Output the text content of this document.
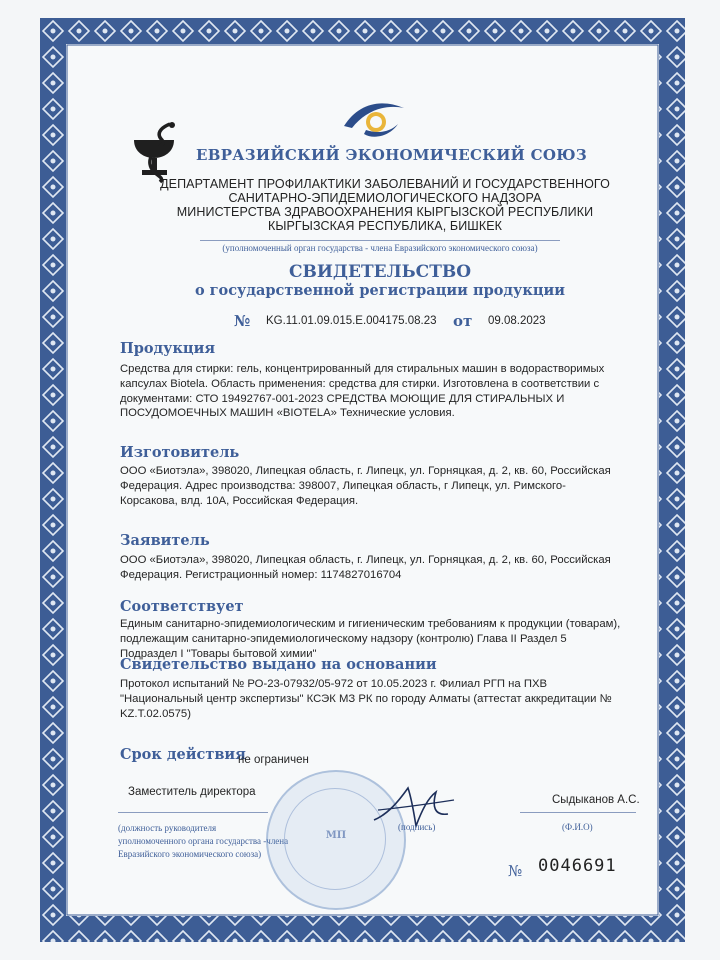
ЕВРАЗИЙСКИЙ ЭКОНОМИЧЕСКИЙ СОЮЗ
ДЕПАРТАМЕНТ ПРОФИЛАКТИКИ ЗАБОЛЕВАНИЙ И ГОСУДАРСТВЕННОГО
САНИТАРНО-ЭПИДЕМИОЛОГИЧЕСКОГО НАДЗОРА
МИНИСТЕРСТВА ЗДРАВООХРАНЕНИЯ КЫРГЫЗСКОЙ РЕСПУБЛИКИ
КЫРГЫЗСКАЯ РЕСПУБЛИКА, БИШКЕК
(уполномоченный орган государства - члена Евразийского экономического союза)
СВИДЕТЕЛЬСТВО
о государственной регистрации продукции
№ KG.11.01.09.015.Е.004175.08.23 от 09.08.2023
Продукция
Средства для стирки: гель, концентрированный для стиральных машин в водорастворимых
капсулах Biotela. Область применения: средства для стирки. Изготовлена в соответствии с
документами: СТО 19492767-001-2023 СРЕДСТВА МОЮЩИЕ ДЛЯ СТИРАЛЬНЫХ И
ПОСУДОМОЕЧНЫХ МАШИН «BIOTELA» Технические условия.
Изготовитель
ООО «Биотэла», 398020, Липецкая область, г. Липецк, ул. Горняцкая, д. 2, кв. 60, Российская
Федерация. Адрес производства: 398007, Липецкая область, г Липецк, ул. Римского-
Корсакова, влд. 10А, Российская Федерация.
Заявитель
ООО «Биотэла», 398020, Липецкая область, г. Липецк, ул. Горняцкая, д. 2, кв. 60, Российская
Федерация. Регистрационный номер: 1174827016704
Соответствует
Единым санитарно-эпидемиологическим и гигиеническим требованиям к продукции (товарам),
подлежащим санитарно-эпидемиологическому надзору (контролю) Глава II Раздел 5
Подраздел I "Товары бытовой химии"
Свидетельство выдано на основании
Протокол испытаний № РО-23-07932/05-972 от 10.05.2023 г. Филиал РГП на ПХВ
"Национальный центр экспертизы" КСЭК МЗ РК по городу Алматы (аттестат аккредитации №
KZ.T.02.0575)
Срок действия
не ограничен
Заместитель директора
(должность руководителя
уполномоченного органа государства -члена
Евразийского экономического союза)
МП
(подпись)
Сыдыканов А.С.
(Ф.И.О)
№ 0046691
